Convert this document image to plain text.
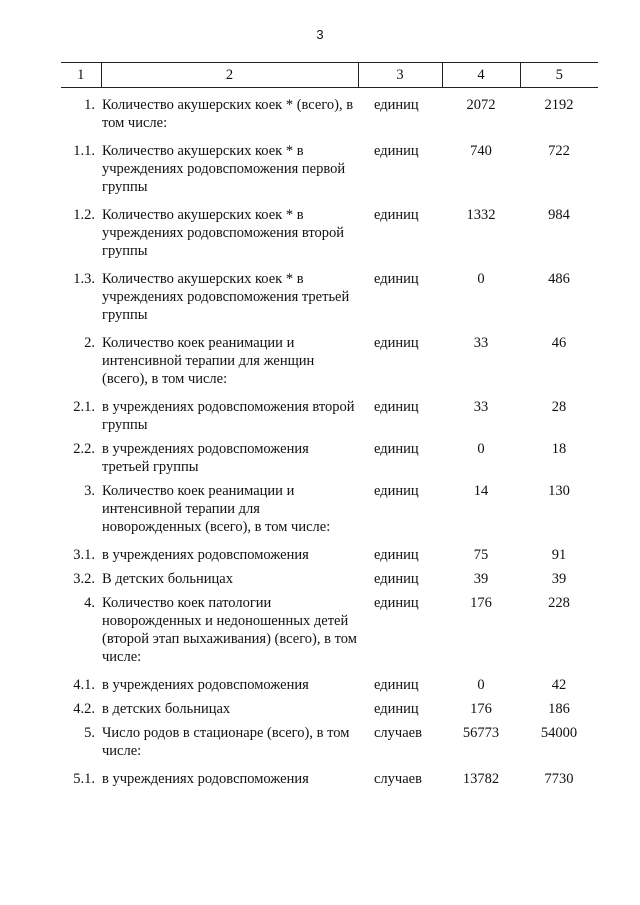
3
1	2	3	4	5
1.	Количество акушерских коек * (всего), в том числе:	единиц	2072	2192
1.1.	Количество акушерских коек * в учреждениях родовспоможения первой группы	единиц	740	722
1.2.	Количество акушерских коек * в учреждениях родовспоможения второй группы	единиц	1332	984
1.3.	Количество акушерских коек * в учреждениях родовспоможения третьей группы	единиц	0	486
2.	Количество коек реанимации и интенсивной терапии для женщин (всего), в том числе:	единиц	33	46
2.1.	в учреждениях родовспоможения второй группы	единиц	33	28
2.2.	в учреждениях родовспоможения третьей группы	единиц	0	18
3.	Количество коек реанимации и интенсивной терапии для новорожденных (всего), в том числе:	единиц	14	130
3.1.	в учреждениях родовспоможения	единиц	75	91
3.2.	В детских больницах	единиц	39	39
4.	Количество коек патологии новорожденных и недоношенных детей (второй этап выхаживания) (всего), в том числе:	единиц	176	228
4.1.	в учреждениях родовспоможения	единиц	0	42
4.2.	в детских больницах	единиц	176	186
5.	Число родов в стационаре (всего), в том числе:	случаев	56773	54000
5.1.	в учреждениях родовспоможения	случаев	13782	7730
